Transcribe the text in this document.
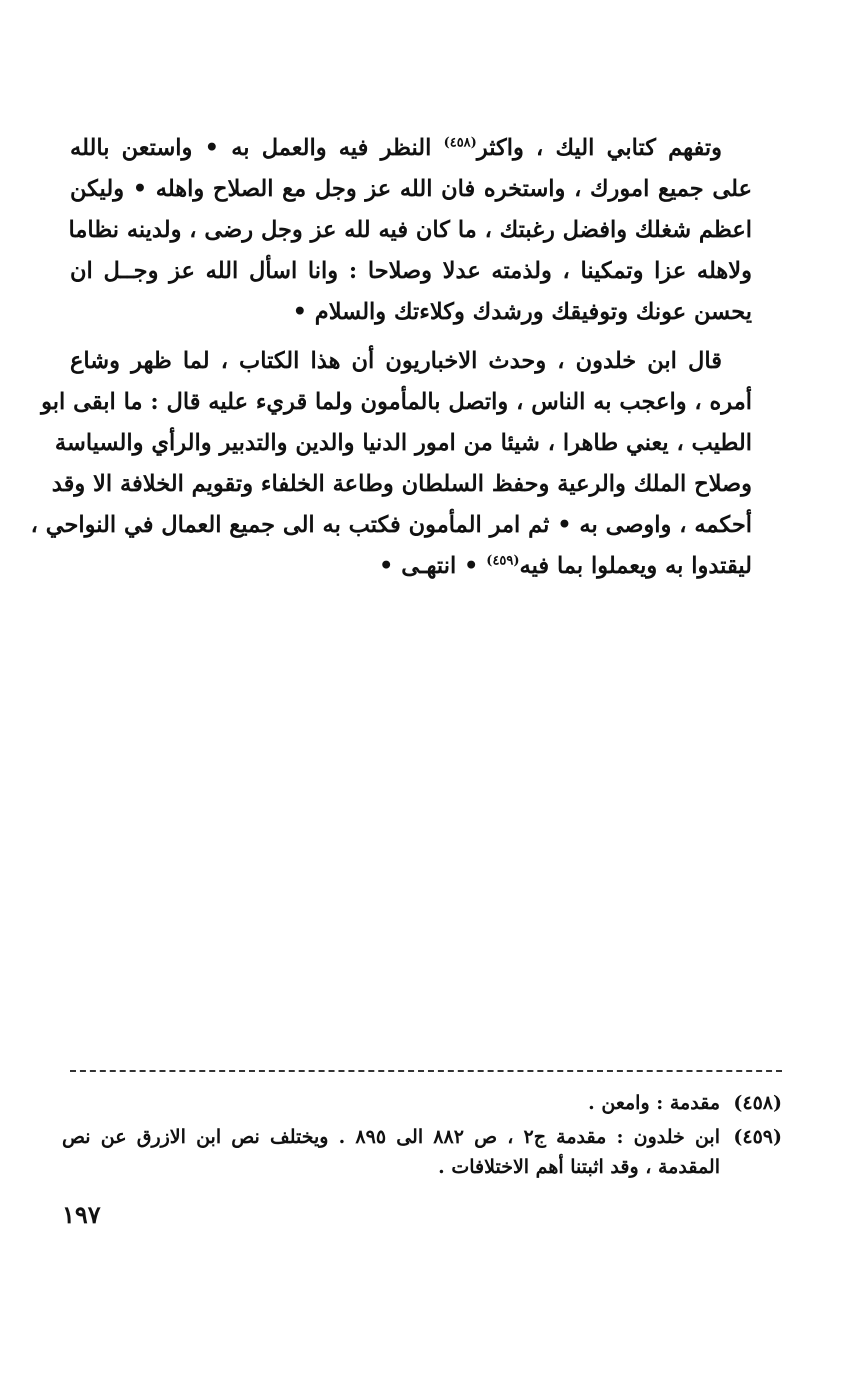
وتفهم كتابي اليك ، واكثر$^{(٤٥٨)}$ النظر فيه والعمل به • واستعن بالله
على جميع امورك ، واستخره فان الله عز وجل مع الصلاح واهله • وليكن
اعظم شغلك وافضل رغبتك ، ما كان فيه لله عز وجل رضى ، ولدينه نظاما
ولاهله عزا وتمكينا ، ولذمته عدلا وصلاحا : وانا اسأل الله عز وجــل ان
يحسن عونك وتوفيقك ورشدك وكلاءتك والسلام •

قال ابن خلدون ، وحدث الاخباريون أن هذا الكتاب ، لما ظهر وشاع
أمره ، واعجب به الناس ، واتصل بالمأمون ولما قريء عليه قال : ما ابقى ابو
الطيب ، يعني طاهرا ، شيئا من امور الدنيا والدين والتدبير والرأي والسياسة
وصلاح الملك والرعية وحفظ السلطان وطاعة الخلفاء وتقويم الخلافة الا وقد
أحكمه ، واوصى به • ثم امر المأمون فكتب به الى جميع العمال في النواحي ،
ليقتدوا به ويعملوا بما فيه$^{(٤٥٩)}$ • انتهـى •

(٤٥٨)
مقدمة : وامعن .
(٤٥٩)
ابن خلدون : مقدمة ج٢ ، ص ٨٨٢ الى ٨٩٥ . ويختلف نص ابن الازرق عن نص المقدمة ، وقد اثبتنا أهم الاختلافات .
١٩٧
